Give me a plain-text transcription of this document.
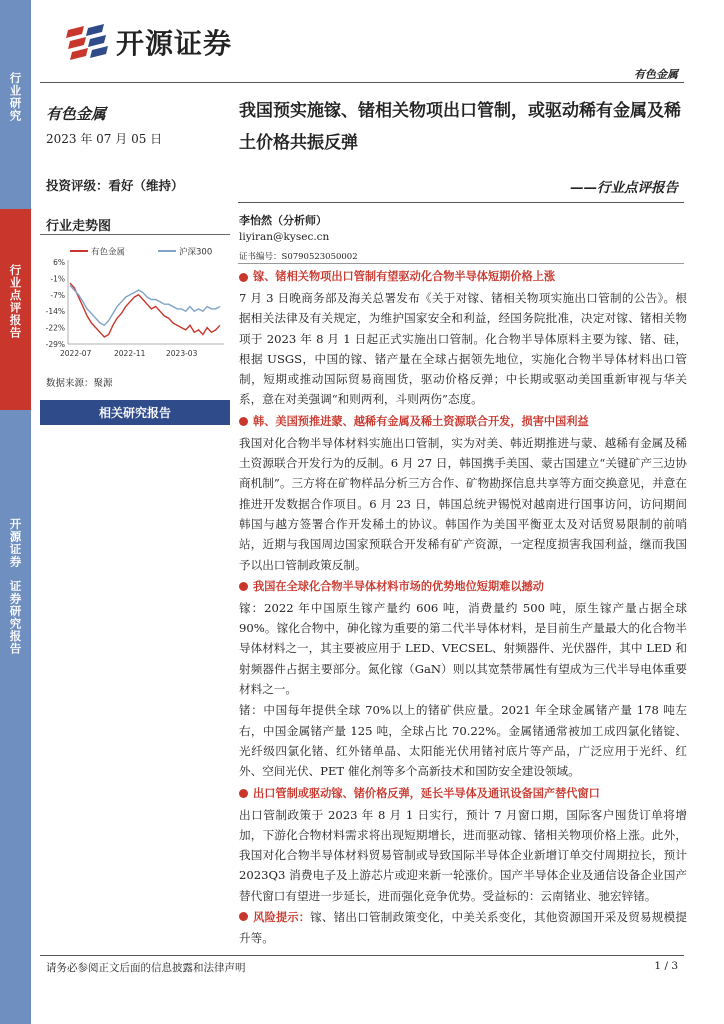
行业研究
行业点评报告
开源证券
证券研究报告
开源证券
有色金属
有色金属
2023 年 07 月 05 日
投资评级：看好（维持）
行业走势图
有色金属	沪深300
6%
-1%
-7%
-14%
-22%
-29%
2022-07	2022-11	2023-03
数据来源：聚源
相关研究报告
我国预实施镓、锗相关物项出口管制，或驱动稀有金属及稀土价格共振反弹
——行业点评报告
李怡然（分析师）
liyiran@kysec.cn
证书编号：S0790523050002
镓、锗相关物项出口管制有望驱动化合物半导体短期价格上涨
7 月 3 日晚商务部及海关总署发布《关于对镓、锗相关物项实施出口管制的公告》。根据相关法律及有关规定，为维护国家安全和利益，经国务院批准，决定对镓、锗相关物项于 2023 年 8 月 1 日起正式实施出口管制。化合物半导体原料主要为镓、锗、硅，根据 USGS，中国的镓、锗产量在全球占据领先地位，实施化合物半导体材料出口管制，短期或推动国际贸易商囤货，驱动价格反弹；中长期或驱动美国重新审视与华关系，意在对美强调“和则两利，斗则两伤”态度。
韩、美国预推进蒙、越稀有金属及稀土资源联合开发，损害中国利益
我国对化合物半导体材料实施出口管制，实为对美、韩近期推进与蒙、越稀有金属及稀土资源联合开发行为的反制。6 月 27 日，韩国携手美国、蒙古国建立“关键矿产三边协商机制”。三方将在矿物样品分析三方合作、矿物勘探信息共享等方面交换意见，并意在推进开发数据合作项目。6 月 23 日，韩国总统尹锡悦对越南进行国事访问，访问期间韩国与越方签署合作开发稀土的协议。韩国作为美国平衡亚太及对话贸易限制的前哨站，近期与我国周边国家预联合开发稀有矿产资源，一定程度损害我国利益，继而我国予以出口管制政策反制。
我国在全球化合物半导体材料市场的优势地位短期难以撼动
镓：2022 年中国原生镓产量约 606 吨，消费量约 500 吨，原生镓产量占据全球 90%。镓化合物中，砷化镓为重要的第二代半导体材料，是目前生产量最大的化合物半导体材料之一，其主要被应用于 LED、VECSEL、射频器件、光伏器件，其中 LED 和射频器件占据主要部分。氮化镓（GaN）则以其宽禁带属性有望成为三代半导电体重要材料之一。
锗：中国每年提供全球 70%以上的锗矿供应量。2021 年全球金属锗产量 178 吨左右，中国金属锗产量 125 吨，全球占比 70.22%。金属锗通常被加工成四氯化锗锭、光纤级四氯化锗、红外锗单晶、太阳能光伏用锗衬底片等产品，广泛应用于光纤、红外、空间光伏、PET 催化剂等多个高新技术和国防安全建设领域。
出口管制或驱动镓、锗价格反弹，延长半导体及通讯设备国产替代窗口
出口管制政策于 2023 年 8 月 1 日实行，预计 7 月窗口期，国际客户囤货订单将增加，下游化合物材料需求将出现短期增长，进而驱动镓、锗相关物项价格上涨。此外，我国对化合物半导体材料贸易管制或导致国际半导体企业新增订单交付周期拉长，预计 2023Q3 消费电子及上游芯片或迎来新一轮涨价。国产半导体企业及通信设备企业国产替代窗口有望进一步延长，进而强化竞争优势。受益标的：云南锗业、驰宏锌锗。
风险提示：镓、锗出口管制政策变化，中美关系变化，其他资源国开采及贸易规模提升等。
请务必参阅正文后面的信息披露和法律声明	1 / 3
